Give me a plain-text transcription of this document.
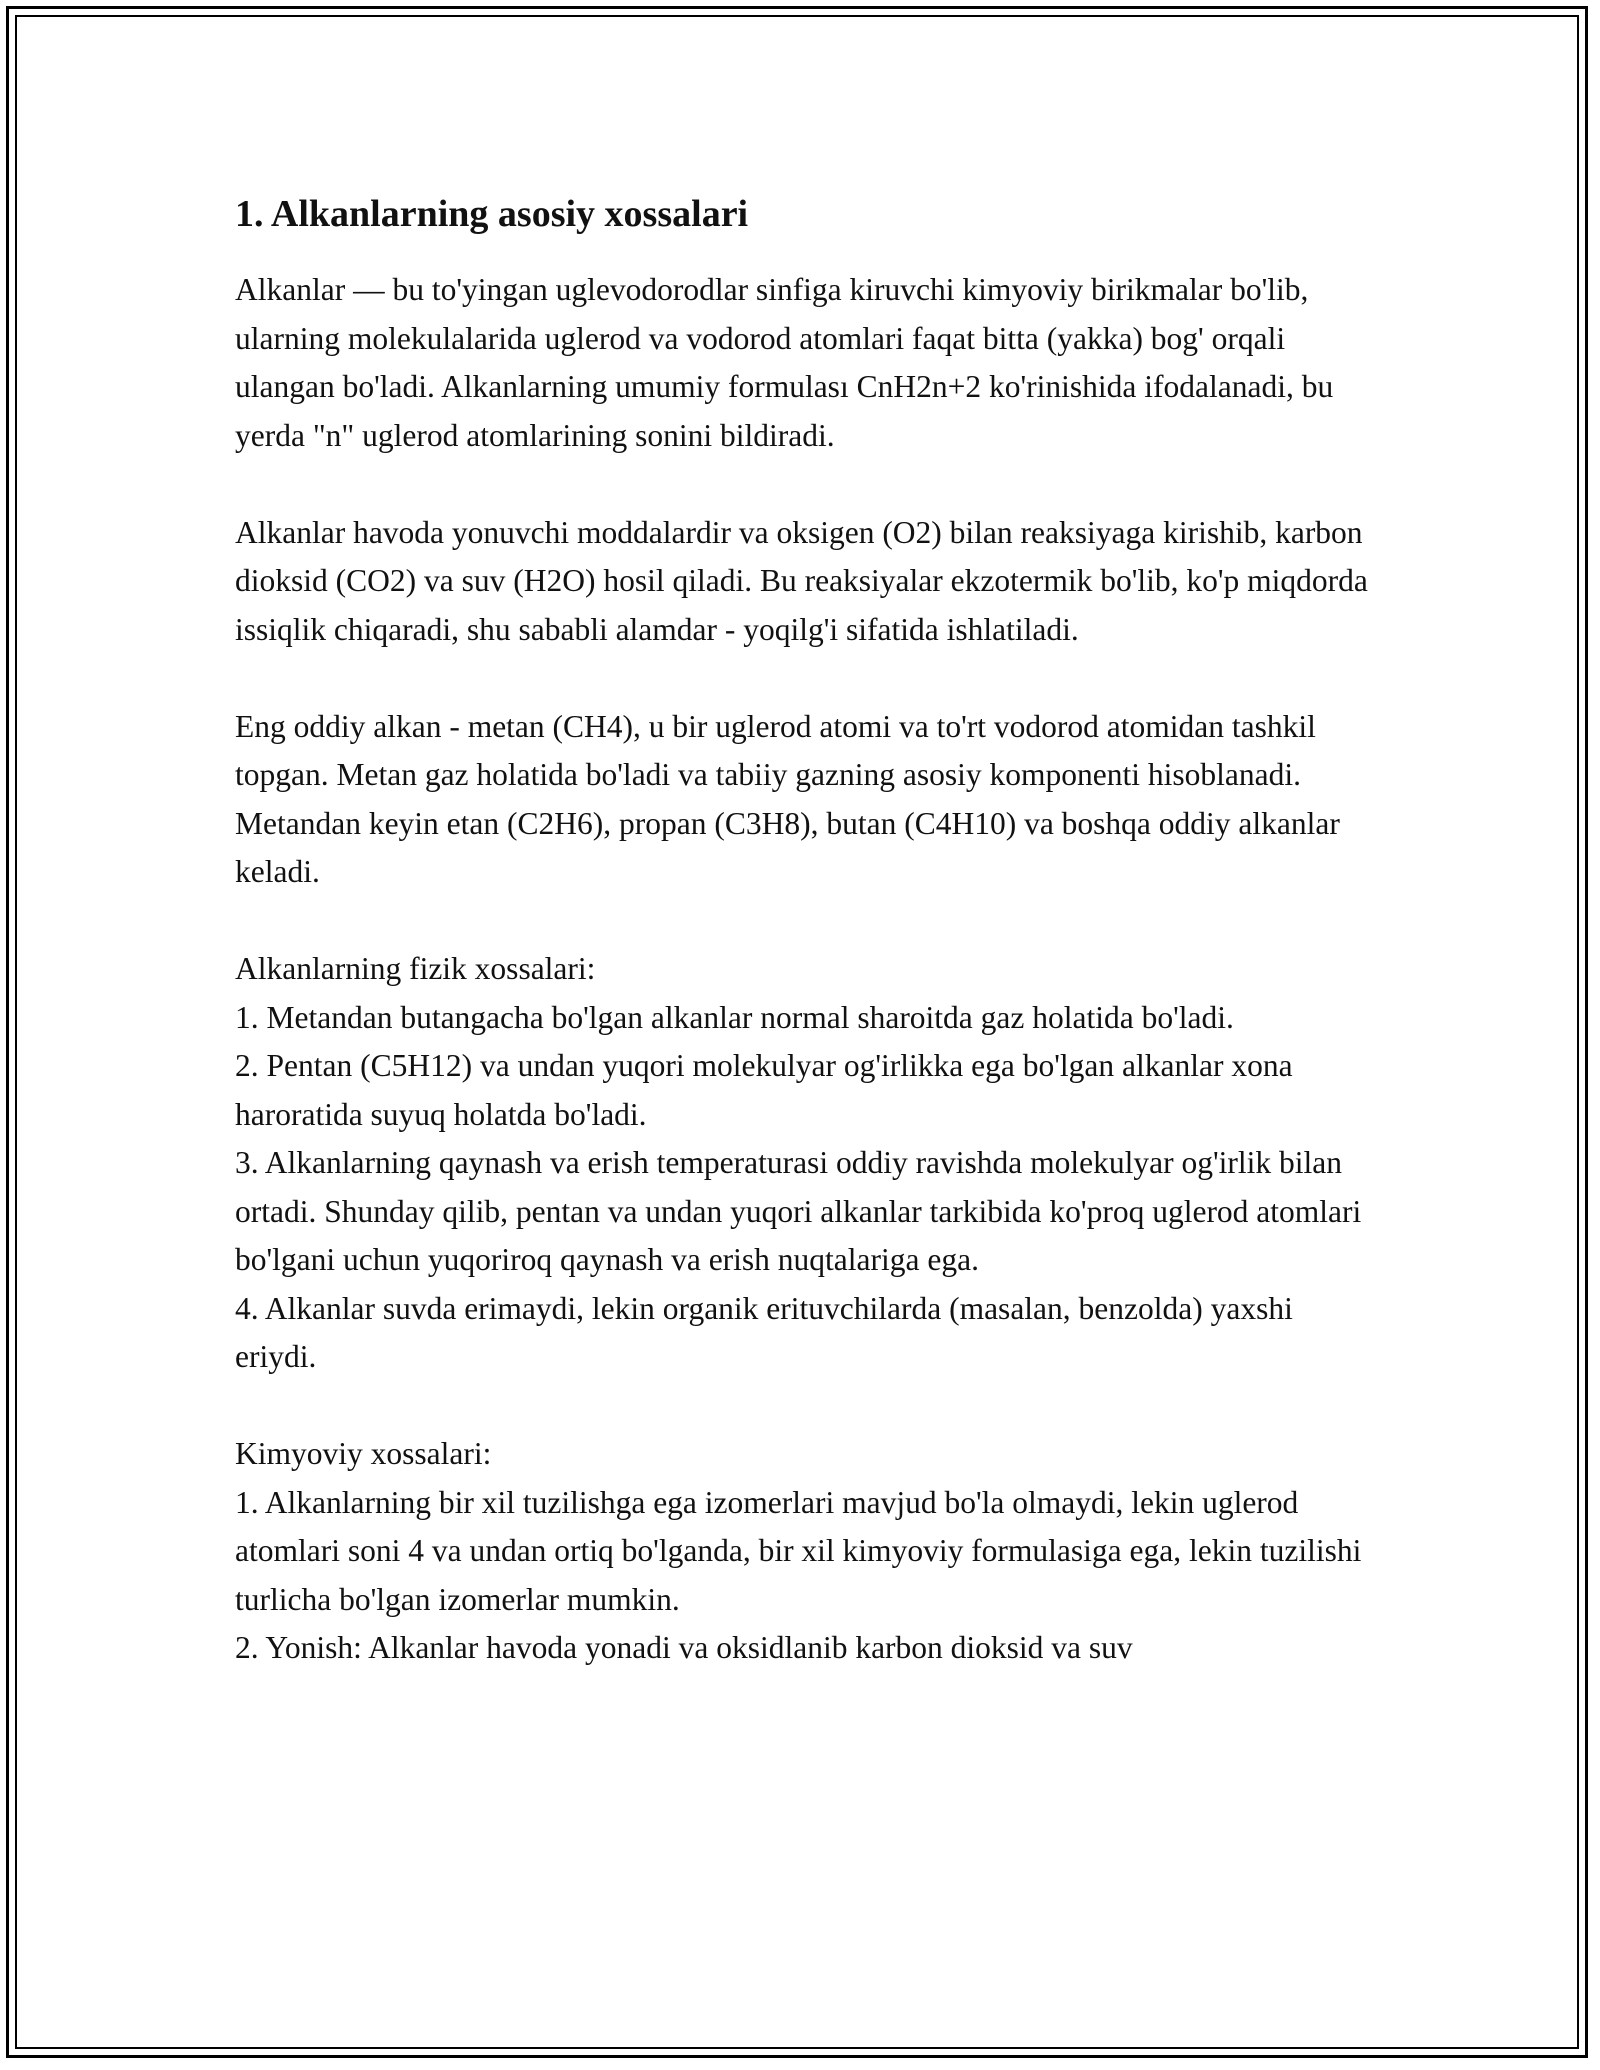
1. Alkanlarning asosiy xossalari

Alkanlar — bu to'yingan uglevodorodlar sinfiga kiruvchi kimyoviy birikmalar bo'lib, ularning molekulalarida uglerod va vodorod atomlari faqat bitta (yakka) bog' orqali ulangan bo'ladi. Alkanlarning umumiy formulası CnH2n+2 ko'rinishida ifodalanadi, bu yerda "n" uglerod atomlarining sonini bildiradi.

Alkanlar havoda yonuvchi moddalardir va oksigen (O2) bilan reaksiyaga kirishib, karbon dioksid (CO2) va suv (H2O) hosil qiladi. Bu reaksiyalar ekzotermik bo'lib, ko'p miqdorda issiqlik chiqaradi, shu sababli alamdar - yoqilg'i sifatida ishlatiladi.

Eng oddiy alkan - metan (CH4), u bir uglerod atomi va to'rt vodorod atomidan tashkil topgan. Metan gaz holatida bo'ladi va tabiiy gazning asosiy komponenti hisoblanadi. Metandan keyin etan (C2H6), propan (C3H8), butan (C4H10) va boshqa oddiy alkanlar keladi.

Alkanlarning fizik xossalari:

1. Metandan butangacha bo'lgan alkanlar normal sharoitda gaz holatida bo'ladi.

2. Pentan (C5H12) va undan yuqori molekulyar og'irlikka ega bo'lgan alkanlar xona haroratida suyuq holatda bo'ladi.

3. Alkanlarning qaynash va erish temperaturasi oddiy ravishda molekulyar og'irlik bilan ortadi. Shunday qilib, pentan va undan yuqori alkanlar tarkibida ko'proq uglerod atomlari bo'lgani uchun yuqoriroq qaynash va erish nuqtalariga ega.

4. Alkanlar suvda erimaydi, lekin organik erituvchilarda (masalan, benzolda) yaxshi eriydi.

Kimyoviy xossalari:

1. Alkanlarning bir xil tuzilishga ega izomerlari mavjud bo'la olmaydi, lekin uglerod atomlari soni 4 va undan ortiq bo'lganda, bir xil kimyoviy formulasiga ega, lekin tuzilishi turlicha bo'lgan izomerlar mumkin.

2. Yonish: Alkanlar havoda yonadi va oksidlanib karbon dioksid va suv
